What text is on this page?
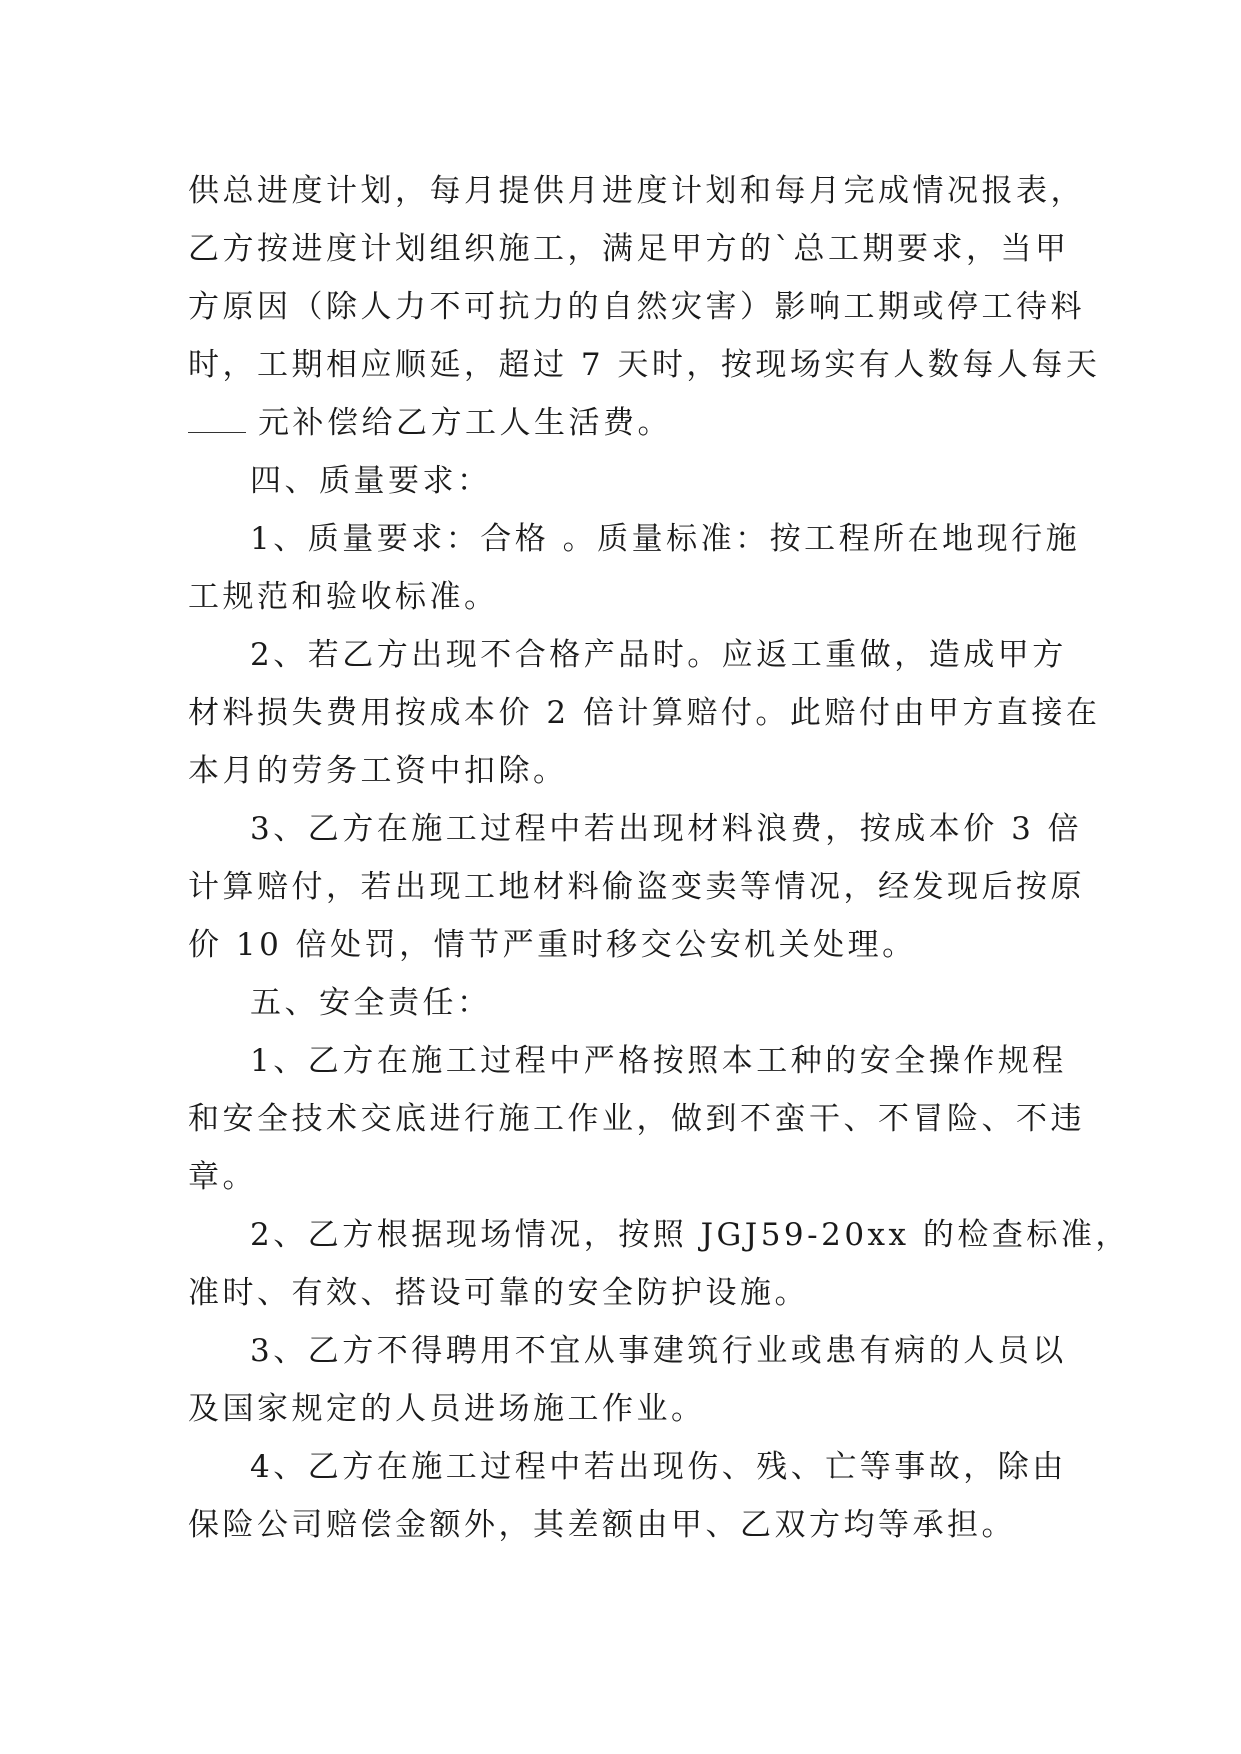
供总进度计划，每月提供月进度计划和每月完成情况报表，
乙方按进度计划组织施工，满足甲方的`总工期要求，当甲
方原因（除人力不可抗力的自然灾害）影响工期或停工待料
时，工期相应顺延，超过 7 天时，按现场实有人数每人每天
元补偿给乙方工人生活费。
四、质量要求：
1、质量要求：合格 。质量标准：按工程所在地现行施
工规范和验收标准。
2、若乙方出现不合格产品时。应返工重做，造成甲方
材料损失费用按成本价 2 倍计算赔付。此赔付由甲方直接在
本月的劳务工资中扣除。
3、乙方在施工过程中若出现材料浪费，按成本价 3 倍
计算赔付，若出现工地材料偷盗变卖等情况，经发现后按原
价 10 倍处罚，情节严重时移交公安机关处理。
五、安全责任：
1、乙方在施工过程中严格按照本工种的安全操作规程
和安全技术交底进行施工作业，做到不蛮干、不冒险、不违
章。
2、乙方根据现场情况，按照 JGJ59-20xx 的检查标准，
准时、有效、搭设可靠的安全防护设施。
3、乙方不得聘用不宜从事建筑行业或患有病的人员以
及国家规定的人员进场施工作业。
4、乙方在施工过程中若出现伤、残、亡等事故，除由
保险公司赔偿金额外，其差额由甲、乙双方均等承担。
